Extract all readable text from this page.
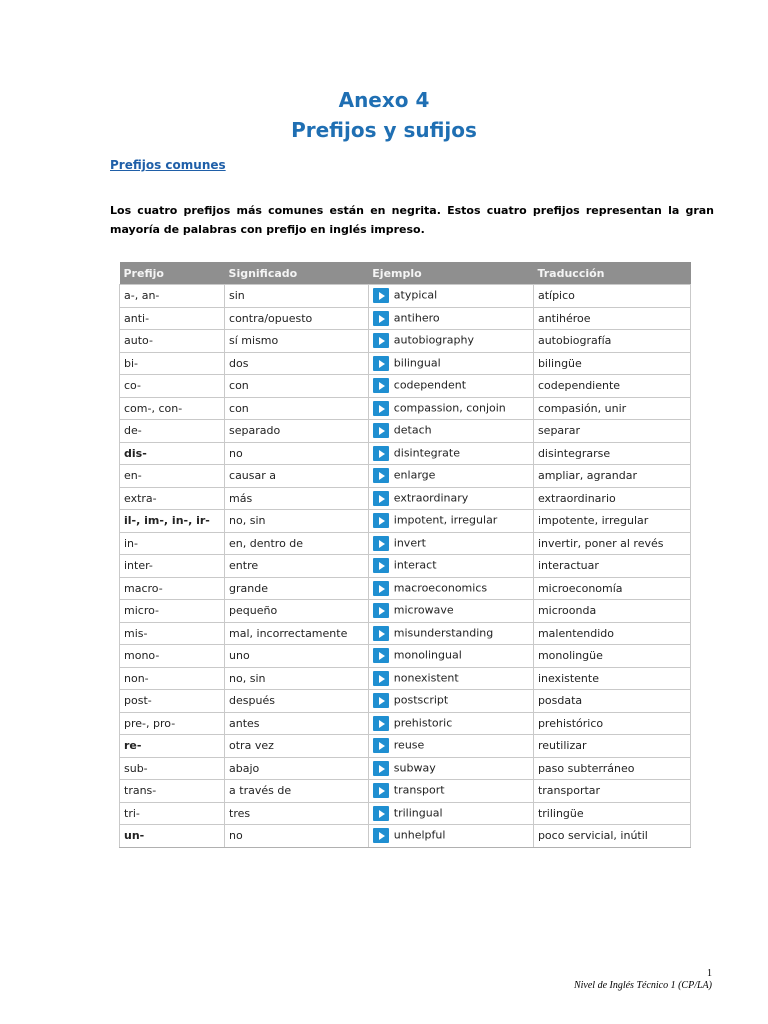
Anexo 4
Prefijos y sufijos
Prefijos comunes

Los cuatro prefijos más comunes están en negrita. Estos cuatro prefijos representan la gran mayoría de palabras con prefijo en inglés impreso.

Prefijo	Significado	Ejemplo	Traducción
a-, an-	sin	atypical	atípico
anti-	contra/opuesto	antihero	antihéroe
auto-	sí mismo	autobiography	autobiografía
bi-	dos	bilingual	bilingüe
co-	con	codependent	codependiente
com-, con-	con	compassion, conjoin	compasión, unir
de-	separado	detach	separar
dis-	no	disintegrate	disintegrarse
en-	causar a	enlarge	ampliar, agrandar
extra-	más	extraordinary	extraordinario
il-, im-, in-, ir-	no, sin	impotent, irregular	impotente, irregular
in-	en, dentro de	invert	invertir, poner al revés
inter-	entre	interact	interactuar
macro-	grande	macroeconomics	microeconomía
micro-	pequeño	microwave	microonda
mis-	mal, incorrectamente	misunderstanding	malentendido
mono-	uno	monolingual	monolingüe
non-	no, sin	nonexistent	inexistente
post-	después	postscript	posdata
pre-, pro-	antes	prehistoric	prehistórico
re-	otra vez	reuse	reutilizar
sub-	abajo	subway	paso subterráneo
trans-	a través de	transport	transportar
tri-	tres	trilingual	trilingüe
un-	no	unhelpful	poco servicial, inútil
1
Nivel de Inglés Técnico 1 (CP/LA)
